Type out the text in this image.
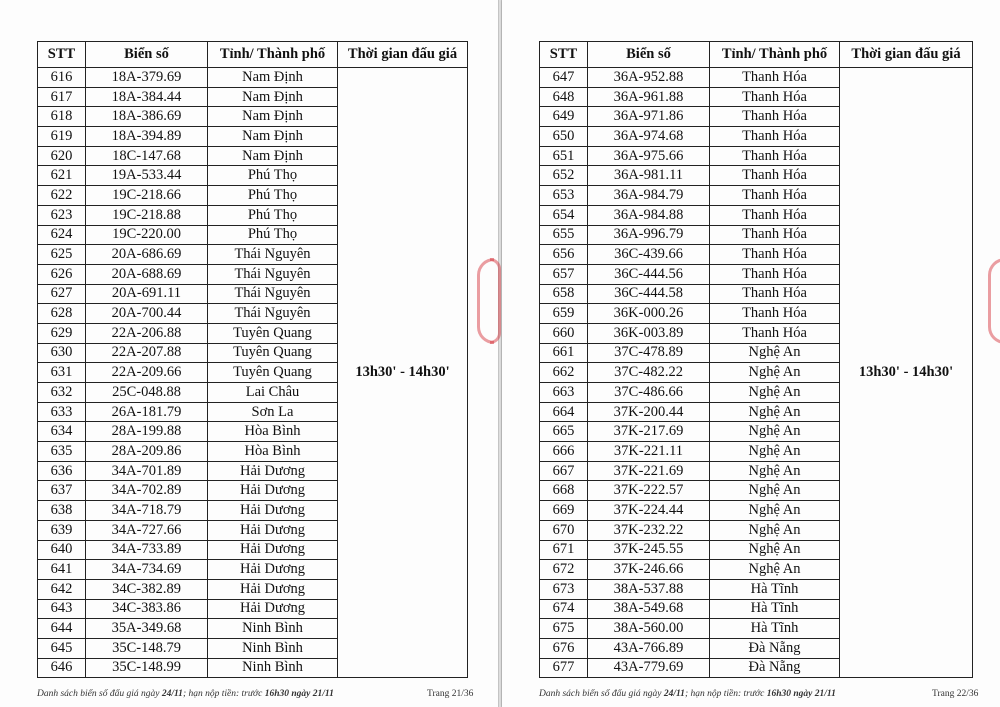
STT	Biển số	Tỉnh/ Thành phố	Thời gian đấu giá
616	18A-379.69	Nam Định	13h30' - 14h30'
617	18A-384.44	Nam Định	
618	18A-386.69	Nam Định	
619	18A-394.89	Nam Định	
620	18C-147.68	Nam Định	
621	19A-533.44	Phú Thọ	
622	19C-218.66	Phú Thọ	
623	19C-218.88	Phú Thọ	
624	19C-220.00	Phú Thọ	
625	20A-686.69	Thái Nguyên	
626	20A-688.69	Thái Nguyên	
627	20A-691.11	Thái Nguyên	
628	20A-700.44	Thái Nguyên	
629	22A-206.88	Tuyên Quang	
630	22A-207.88	Tuyên Quang	
631	22A-209.66	Tuyên Quang	
632	25C-048.88	Lai Châu	
633	26A-181.79	Sơn La	
634	28A-199.88	Hòa Bình	
635	28A-209.86	Hòa Bình	
636	34A-701.89	Hải Dương	
637	34A-702.89	Hải Dương	
638	34A-718.79	Hải Dương	
639	34A-727.66	Hải Dương	
640	34A-733.89	Hải Dương	
641	34A-734.69	Hải Dương	
642	34C-382.89	Hải Dương	
643	34C-383.86	Hải Dương	
644	35A-349.68	Ninh Bình	
645	35C-148.79	Ninh Bình	
646	35C-148.99	Ninh Bình	
Danh sách biển số đấu giá ngày 24/11; hạn nộp tiền: trước 16h30 ngày 21/11	Trang 21/36
STT	Biển số	Tỉnh/ Thành phố	Thời gian đấu giá
647	36A-952.88	Thanh Hóa	13h30' - 14h30'
648	36A-961.88	Thanh Hóa	
649	36A-971.86	Thanh Hóa	
650	36A-974.68	Thanh Hóa	
651	36A-975.66	Thanh Hóa	
652	36A-981.11	Thanh Hóa	
653	36A-984.79	Thanh Hóa	
654	36A-984.88	Thanh Hóa	
655	36A-996.79	Thanh Hóa	
656	36C-439.66	Thanh Hóa	
657	36C-444.56	Thanh Hóa	
658	36C-444.58	Thanh Hóa	
659	36K-000.26	Thanh Hóa	
660	36K-003.89	Thanh Hóa	
661	37C-478.89	Nghệ An	
662	37C-482.22	Nghệ An	
663	37C-486.66	Nghệ An	
664	37K-200.44	Nghệ An	
665	37K-217.69	Nghệ An	
666	37K-221.11	Nghệ An	
667	37K-221.69	Nghệ An	
668	37K-222.57	Nghệ An	
669	37K-224.44	Nghệ An	
670	37K-232.22	Nghệ An	
671	37K-245.55	Nghệ An	
672	37K-246.66	Nghệ An	
673	38A-537.88	Hà Tĩnh	
674	38A-549.68	Hà Tĩnh	
675	38A-560.00	Hà Tĩnh	
676	43A-766.89	Đà Nẵng	
677	43A-779.69	Đà Nẵng	
Danh sách biển số đấu giá ngày 24/11; hạn nộp tiền: trước 16h30 ngày 21/11	Trang 22/36
